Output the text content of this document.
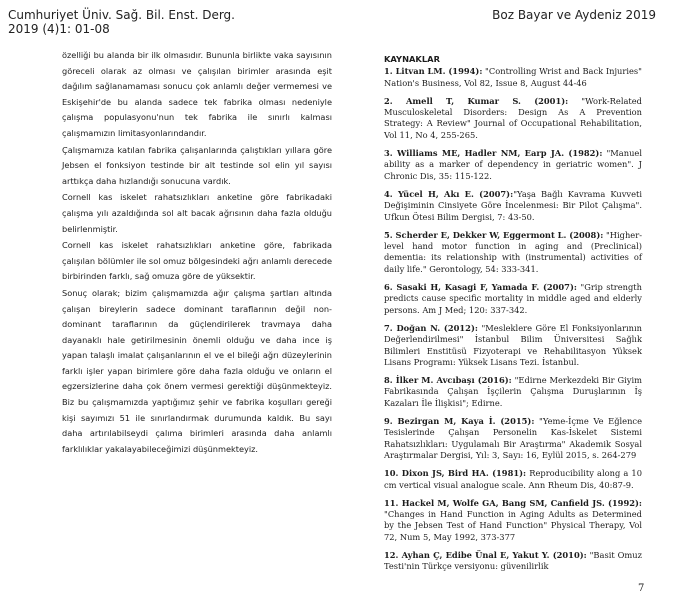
Cumhuriyet Üniv. Sağ. Bil. Enst. Derg.
2019 (4)1: 01-08
Boz Bayar ve Aydeniz 2019

özelliği bu alanda bir ilk olmasıdır. Bununla birlikte vaka sayısının göreceli olarak az olması ve çalışılan birimler arasında eşit dağılım sağlanamaması sonucu çok anlamlı değer vermemesi ve Eskişehir'de bu alanda sadece tek fabrika olması nedeniyle çalışma populasyonu'nun tek fabrika ile sınırlı kalması çalışmamızın limitasyonlarındandır.

Çalışmamıza katılan fabrika çalışanlarında çalıştıkları yıllara göre Jebsen el fonksiyon testinde bir alt testinde sol elin yıl sayısı arttıkça daha hızlandığı sonucuna vardık.

Cornell kas iskelet rahatsızlıkları anketine göre fabrikadaki çalışma yılı azaldığında sol alt bacak ağrısının daha fazla olduğu belirlenmiştir.

Cornell kas iskelet rahatsızlıkları anketine göre, fabrikada çalışılan bölümler ile sol omuz bölgesindeki ağrı anlamlı derecede birbirinden farklı, sağ omuza göre de yüksektir.

Sonuç olarak; bizim çalışmamızda ağır çalışma şartları altında çalışan bireylerin sadece dominant taraflarının değil non-dominant taraflarının da güçlendirilerek travmaya daha dayanaklı hale getirilmesinin önemli olduğu ve daha ince iş yapan talaşlı imalat çalışanlarının el ve el bileği ağrı düzeylerinin farklı işler yapan birimlere göre daha fazla olduğu ve onların el egzersizlerine daha çok önem vermesi gerektiği düşünmekteyiz. Biz bu çalışmamızda yaptığımız şehir ve fabrika koşulları gereği kişi sayımızı 51 ile sınırlandırmak durumunda kaldık. Bu sayı daha artırılabilseydi çalıma birimleri arasında daha anlamlı farklılıklar yakalayabileceğimizi düşünmekteyiz.

KAYNAKLAR
1. Litvan LM. (1994): "Controlling Wrist and Back Injuries" Nation's Business, Vol 82, Issue 8, August 44-46
2. Amell T, Kumar S. (2001): "Work-Related Musculoskeletal Disorders: Design As A Prevention Strategy: A Review" Journal of Occupational Rehabilitation, Vol 11, No 4, 255-265.
3. Williams ME, Hadler NM, Earp JA. (1982): "Manuel ability as a marker of dependency in geriatric women". J Chronic Dis, 35: 115-122.
4. Yücel H, Akı E. (2007):"Yaşa Bağlı Kavrama Kuvveti Değişiminin Cinsiyete Göre İncelenmesi: Bir Pilot Çalışma". Ufkun Ötesi Bilim Dergisi, 7: 43-50.
5. Scherder E, Dekker W, Eggermont L. (2008): "Higher-level hand motor function in aging and (Preclinical) dementia: its relationship with (instrumental) activities of daily life." Gerontology, 54: 333-341.
6. Sasaki H, Kasagi F, Yamada F. (2007): "Grip strength predicts cause specific mortality in middle aged and elderly persons. Am J Med; 120: 337-342.
7. Doğan N. (2012): "Mesleklere Göre El Fonksiyonlarının Değerlendirilmesi" İstanbul Bilim Üniversitesi Sağlık Bilimleri Enstitüsü Fizyoterapi ve Rehabilitasyon Yüksek Lisans Programı: Yüksek Lisans Tezi. İstanbul.
8. İlker M. Avcıbaşı (2016): "Edirne Merkezdeki Bir Giyim Fabrikasında Çalışan İşçilerin Çalışma Duruşlarının İş Kazaları İle İlişkisi"; Edirne.
9. Bezirgan M, Kaya İ. (2015): "Yeme-İçme Ve Eğlence Tesislerinde Çalışan Personelin Kas-İskelet Sistemi Rahatsızlıkları: Uygulamalı Bir Araştırma" Akademik Sosyal Araştırmalar Dergisi, Yıl: 3, Sayı: 16, Eylül 2015, s. 264-279
10. Dixon JS, Bird HA. (1981): Reproducibility along a 10 cm vertical visual analogue scale. Ann Rheum Dis, 40:87-9.
11. Hackel M, Wolfe GA, Bang SM, Canfield JS. (1992): "Changes in Hand Function in Aging Adults as Determined by the Jebsen Test of Hand Function" Physical Therapy, Vol 72, Num 5, May 1992, 373-377
12. Ayhan Ç, Edibe Ünal E, Yakut Y. (2010): "Basit Omuz Testi'nin Türkçe versiyonu: güvenilirlik
7
